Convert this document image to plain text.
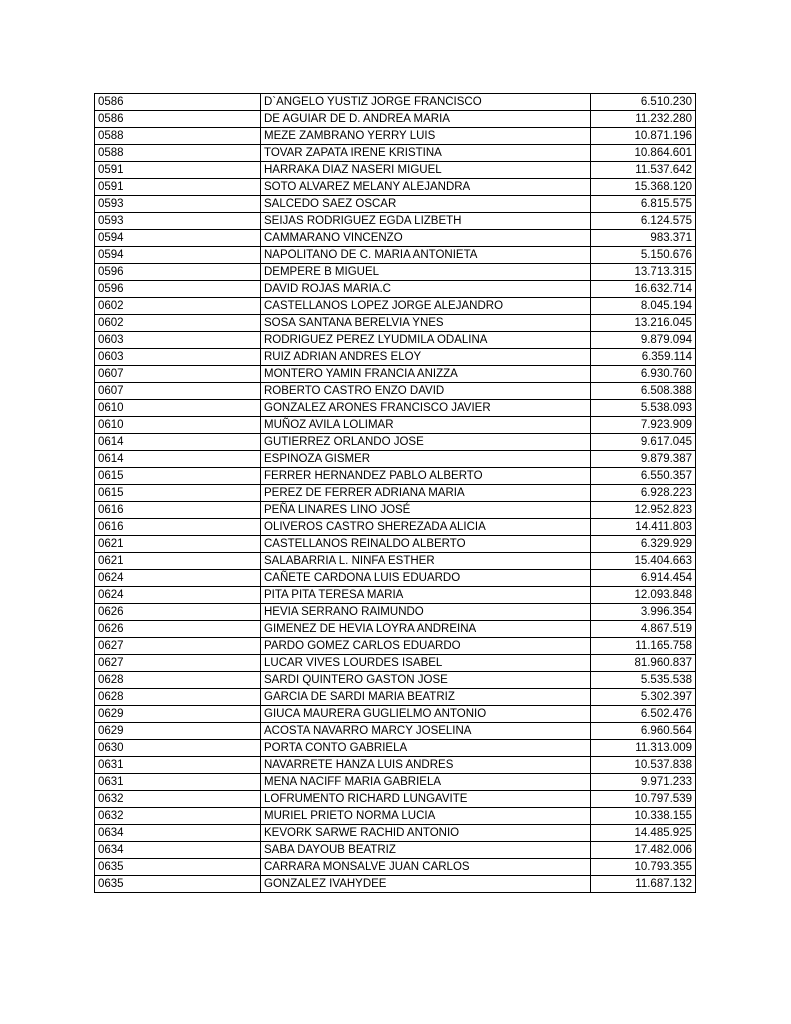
0586	D`ANGELO YUSTIZ JORGE FRANCISCO	6.510.230
0586	DE AGUIAR DE D. ANDREA MARIA	11.232.280
0588	MEZE ZAMBRANO YERRY LUIS	10.871.196
0588	TOVAR ZAPATA IRENE KRISTINA	10.864.601
0591	HARRAKA DIAZ NASERI MIGUEL	11.537.642
0591	SOTO ALVAREZ MELANY ALEJANDRA	15.368.120
0593	SALCEDO SAEZ OSCAR	6.815.575
0593	SEIJAS RODRIGUEZ EGDA LIZBETH	6.124.575
0594	CAMMARANO VINCENZO	983.371
0594	NAPOLITANO DE C. MARIA ANTONIETA	5.150.676
0596	DEMPERE B MIGUEL	13.713.315
0596	DAVID ROJAS MARIA.C	16.632.714
0602	CASTELLANOS LOPEZ JORGE ALEJANDRO	8.045.194
0602	SOSA SANTANA BERELVIA YNES	13.216.045
0603	RODRIGUEZ PEREZ LYUDMILA ODALINA	9.879.094
0603	RUIZ ADRIAN ANDRES ELOY	6.359.114
0607	MONTERO YAMIN FRANCIA ANIZZA	6.930.760
0607	ROBERTO CASTRO ENZO DAVID	6.508.388
0610	GONZALEZ ARONES FRANCISCO JAVIER	5.538.093
0610	MUÑOZ AVILA LOLIMAR	7.923.909
0614	GUTIERREZ ORLANDO JOSE	9.617.045
0614	ESPINOZA GISMER	9.879.387
0615	FERRER HERNANDEZ PABLO ALBERTO	6.550.357
0615	PEREZ DE FERRER ADRIANA MARIA	6.928.223
0616	PEÑA LINARES LINO JOSÉ	12.952.823
0616	OLIVEROS CASTRO SHEREZADA ALICIA	14.411.803
0621	CASTELLANOS REINALDO ALBERTO	6.329.929
0621	SALABARRIA L. NINFA ESTHER	15.404.663
0624	CAÑETE CARDONA LUIS EDUARDO	6.914.454
0624	PITA PITA TERESA MARIA	12.093.848
0626	HEVIA SERRANO RAIMUNDO	3.996.354
0626	GIMENEZ DE HEVIA LOYRA ANDREINA	4.867.519
0627	PARDO GOMEZ CARLOS EDUARDO	11.165.758
0627	LUCAR VIVES LOURDES ISABEL	81.960.837
0628	SARDI QUINTERO GASTON JOSE	5.535.538
0628	GARCIA DE SARDI MARIA BEATRIZ	5.302.397
0629	GIUCA MAURERA GUGLIELMO ANTONIO	6.502.476
0629	ACOSTA NAVARRO MARCY JOSELINA	6.960.564
0630	PORTA CONTO GABRIELA	11.313.009
0631	NAVARRETE HANZA LUIS ANDRES	10.537.838
0631	MENA NACIFF MARIA GABRIELA	9.971.233
0632	LOFRUMENTO RICHARD LUNGAVITE	10.797.539
0632	MURIEL PRIETO NORMA LUCIA	10.338.155
0634	KEVORK SARWE RACHID ANTONIO	14.485.925
0634	SABA DAYOUB BEATRIZ	17.482.006
0635	CARRARA MONSALVE JUAN CARLOS	10.793.355
0635	GONZALEZ IVAHYDEE	11.687.132
